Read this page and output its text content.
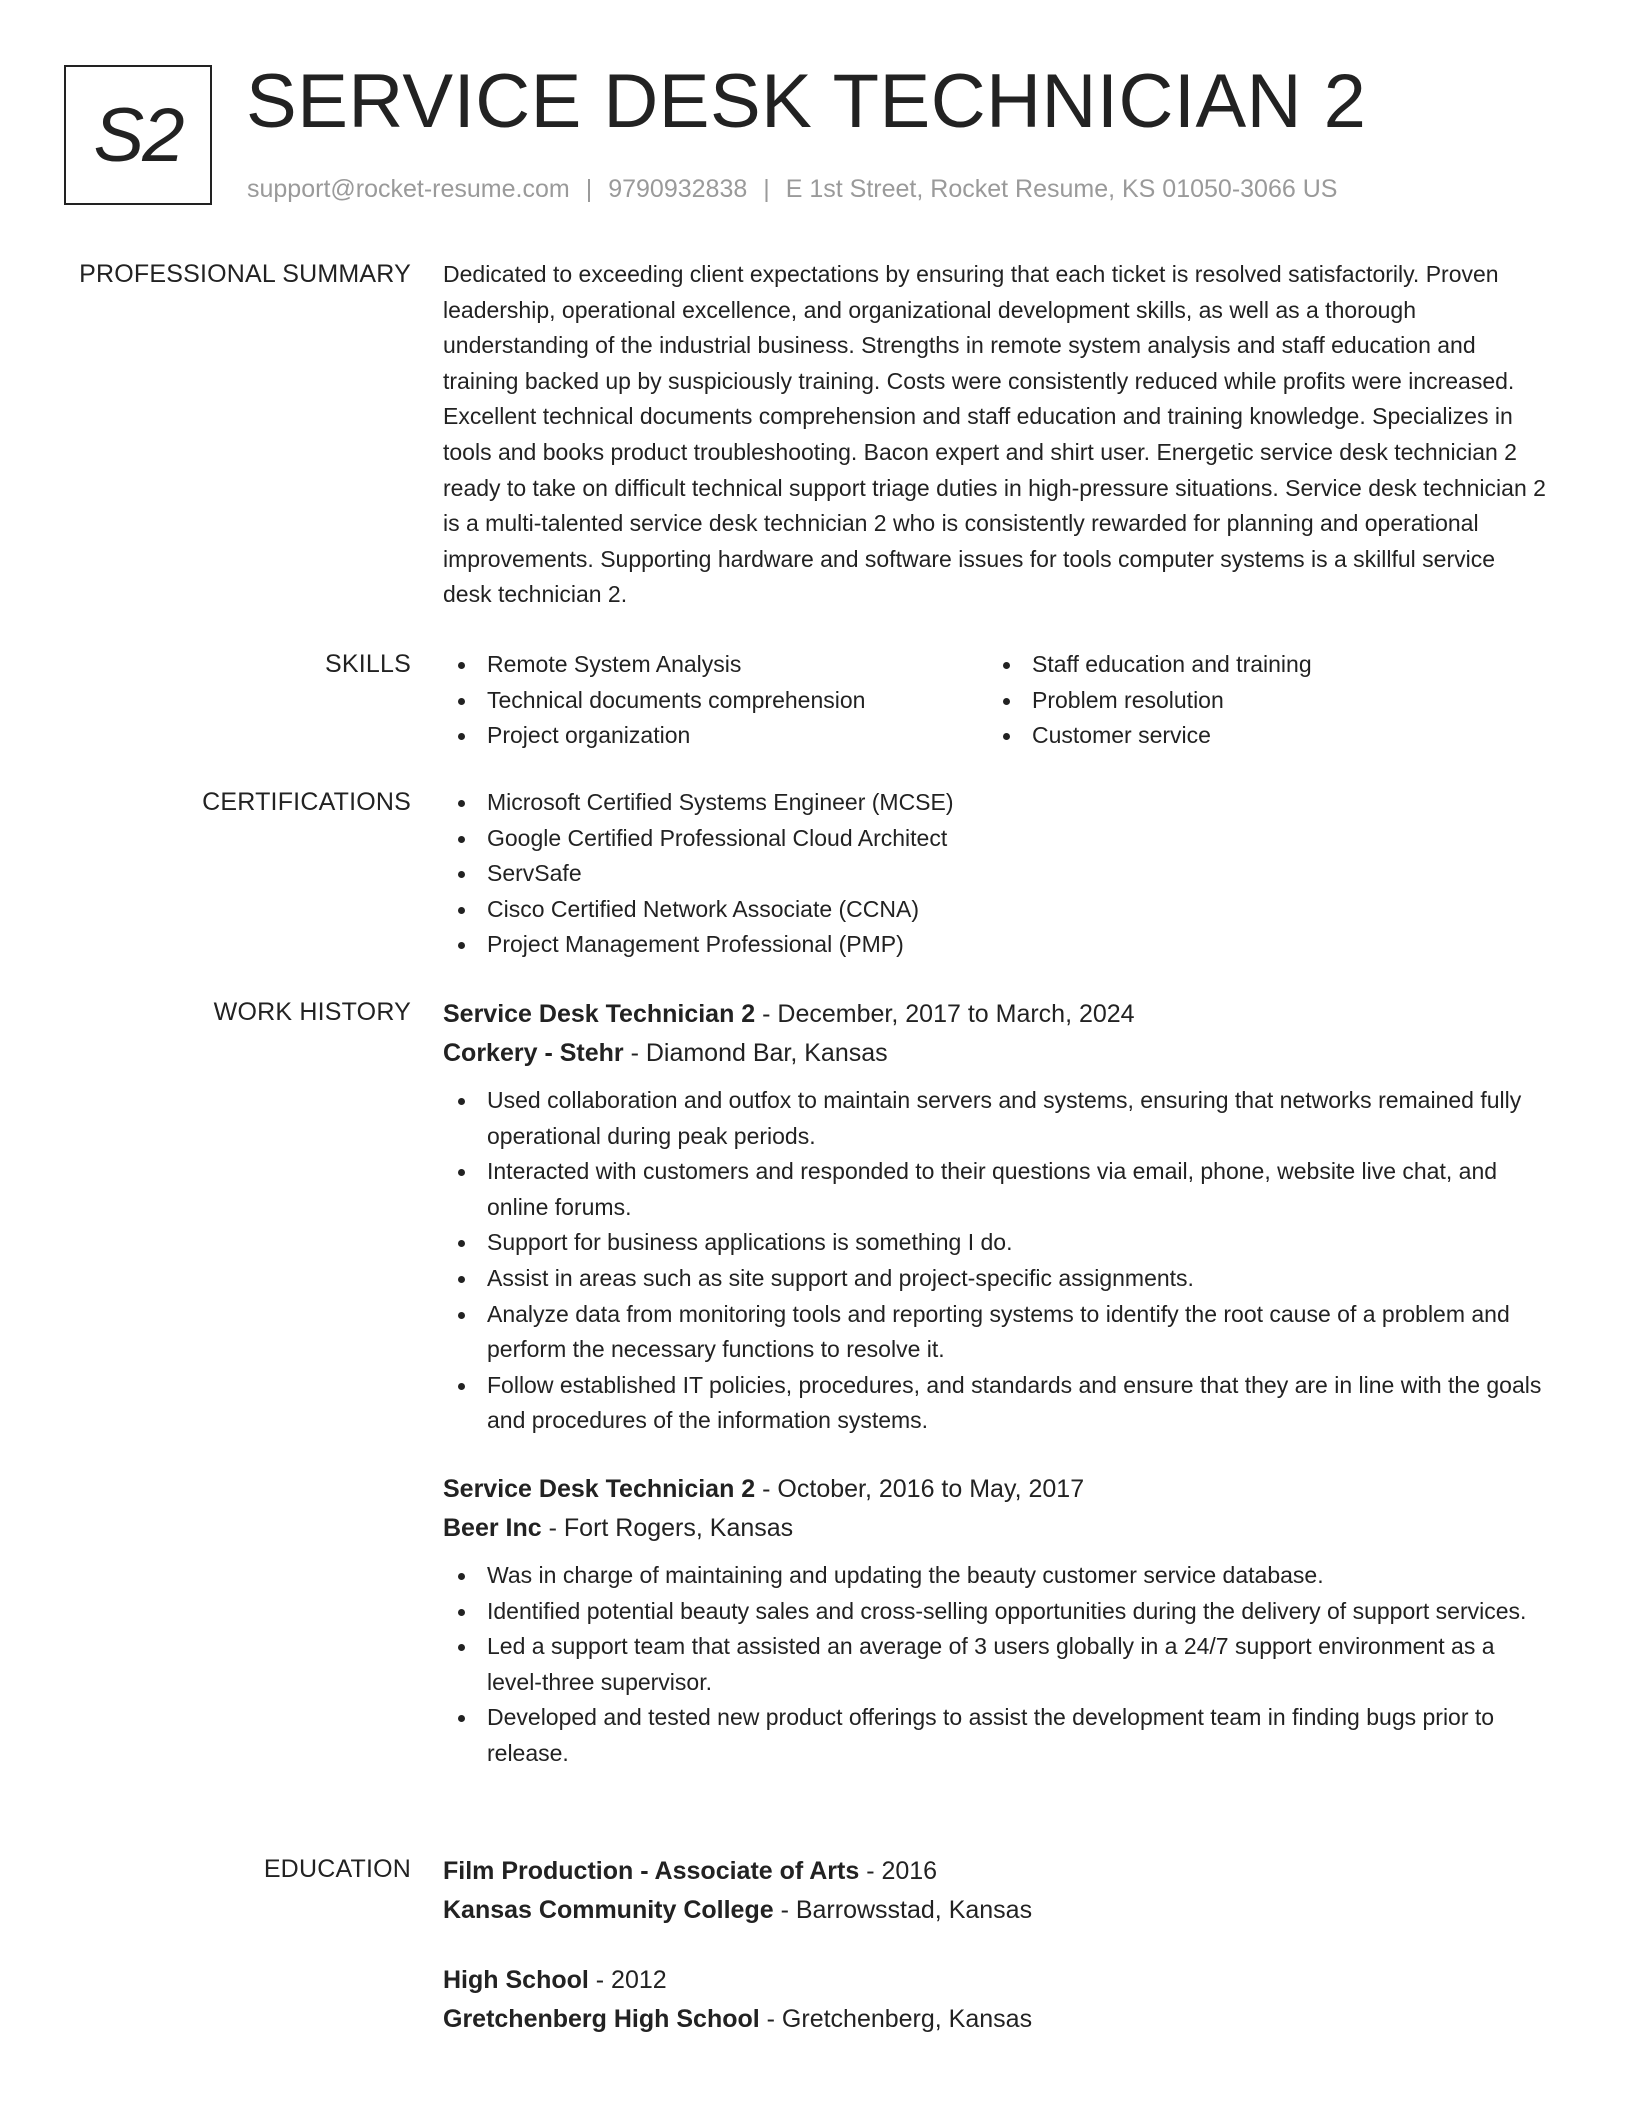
S2 SERVICE DESK TECHNICIAN 2
support@rocket-resume.com | 9790932838 | E 1st Street, Rocket Resume, KS 01050-3066 US
PROFESSIONAL SUMMARY Dedicated to exceeding client expectations by ensuring that each ticket is resolved satisfactorily. Proven leadership, operational excellence, and organizational development skills, as well as a thorough understanding of the industrial business. Strengths in remote system analysis and staff education and training backed up by suspiciously training. Costs were consistently reduced while profits were increased. Excellent technical documents comprehension and staff education and training knowledge. Specializes in tools and books product troubleshooting. Bacon expert and shirt user. Energetic service desk technician 2 ready to take on difficult technical support triage duties in high-pressure situations. Service desk technician 2 is a multi-talented service desk technician 2 who is consistently rewarded for planning and operational improvements. Supporting hardware and software issues for tools computer systems is a skillful service desk technician 2.

SKILLS	Remote System Analysis
Technical documents comprehension
Project organization
Staff education and training
Problem resolution
Customer service
CERTIFICATIONS	Microsoft Certified Systems Engineer (MCSE)
Google Certified Professional Cloud Architect
ServSafe
Cisco Certified Network Associate (CCNA)
Project Management Professional (PMP)
WORK HISTORY Service Desk Technician 2 - December, 2017 to March, 2024
Corkery - Stehr - Diamond Bar, Kansas
Used collaboration and outfox to maintain servers and systems, ensuring that networks remained fully operational during peak periods.
Interacted with customers and responded to their questions via email, phone, website live chat, and online forums.
Support for business applications is something I do.
Assist in areas such as site support and project-specific assignments.
Analyze data from monitoring tools and reporting systems to identify the root cause of a problem and perform the necessary functions to resolve it.
Follow established IT policies, procedures, and standards and ensure that they are in line with the goals and procedures of the information systems.
Service Desk Technician 2 - October, 2016 to May, 2017
Beer Inc - Fort Rogers, Kansas
Was in charge of maintaining and updating the beauty customer service database.
Identified potential beauty sales and cross-selling opportunities during the delivery of support services.
Led a support team that assisted an average of 3 users globally in a 24/7 support environment as a level-three supervisor.
Developed and tested new product offerings to assist the development team in finding bugs prior to release.
EDUCATION Film Production - Associate of Arts - 2016
Kansas Community College - Barrowsstad, Kansas
High School - 2012
Gretchenberg High School - Gretchenberg, Kansas
